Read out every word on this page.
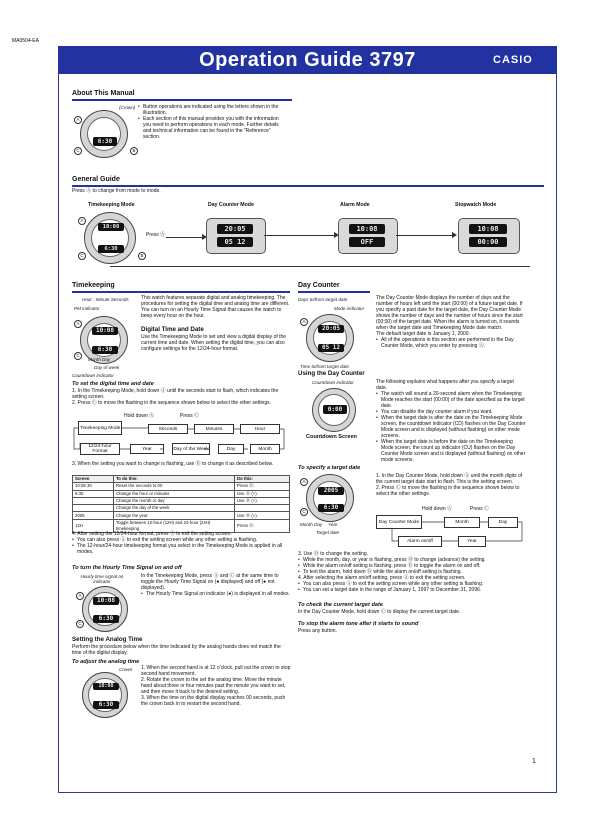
MA0504-EA
Operation Guide 3797	CASIO
About This Manual
(Crown)
6:30
A
C	B
• Button operations are indicated using the letters shown in the illustration.
• Each section of this manual provides you with the information you need to perform operations in each mode. Further details and technical information can be found in the "Reference" section.
General Guide
Press Ⓐ to change from mode to mode.
Timekeeping Mode	Day Counter Mode	Alarm Mode	Stopwatch Mode
10:08
6:30
A
C	B
Press Ⓐ
20:05
05 12
10:08
OFF
10:08
00:00
Timekeeping
Hour : Minute Seconds
PM indicator
10:08
6:30
A
C
Month Day
Day of week
Countdown indicator

This watch features separate digital and analog timekeeping. The procedures for setting the digital time and analog time are different.

You can turn on an Hourly Time Signal that causes the watch to beep every hour on the hour.

Digital Time and Date
Use the Timekeeping Mode to set and view a digital display of the current time and date. When setting the digital time, you can also configure settings for the 12/24-hour format.
To set the digital time and date

1. In the Timekeeping Mode, hold down Ⓐ until the seconds start to flash, which indicates the setting screen.

2. Press Ⓒ to move the flashing in the sequence shown below to select the other settings.

Hold down Ⓐ	Press Ⓒ
Timekeeping Mode	Seconds	Minutes	Hour
12/24-hour Format	Year	Day of the Week	Day	Month
3. When the setting you want to change is flashing, use Ⓑ to change it as described below.
Screen	To do this:	Do this:
10:08 30	Reset the seconds to 00	Press Ⓑ.
6:30	Change the hour or minutes	Use Ⓑ (+).
	Change the month or day	Use Ⓑ (+).
	Change the day of the week	
2005	Change the year	Use Ⓑ (+).
12H	Toggle between 12-hour (12H) and 24-hour (24H) timekeeping	Press Ⓑ.

4. After setting the 12/24-hour format, press Ⓐ to exit the setting screen.

• You can also press Ⓐ to exit the setting screen while any other setting is flashing.
• The 12-hour/24-hour timekeeping format you select in the Timekeeping Mode is applied in all modes.
To turn the Hourly Time Signal on and off
Hourly time signal on indicator
10:08
6:30
A
C

In the Timekeeping Mode, press Ⓐ and Ⓒ at the same time to toggle the Hourly Time Signal on (● displayed) and off (● not displayed).

• The Hourly Time Signal on indicator (●) is displayed in all modes.
Setting the Analog Time
Perform the procedure below when the time indicated by the analog hands does not match the time of the digital display.
To adjust the analog time
Crown
10:08
6:30

1. When the second hand is at 12 o'clock, pull out the crown to stop second hand movement.

2. Rotate the crown to the set the analog time. Move the minute hand about three or four minutes past the minute you want to set, and then move it back to the desired setting.

3. When the time on the digital display reaches 00 seconds, push the crown back in to restart the second hand.

Day Counter
Days to/from target date
Mode indicator
20:05
05 12
A
Time to/from target date

The Day Counter Mode displays the number of days and the number of hours left until the start (00:00) of a future target date. If you specify a past date for the target date, the Day Counter Mode shows the number of days and the number of hours since the start (00:00) of the target date. When the alarm is turned on, it sounds when the target date and Timekeeping Mode date match.

The default target date is January 1, 2000.

• All of the operations in this section are performed in the Day Counter Mode, which you enter by pressing Ⓐ.
Using the Day Counter
Countdown indicator
0:00
Countdown Screen

The following explains what happens after you specify a target date.

• The watch will sound a 20-second alarm when the Timekeeping Mode reaches the start (00:00) of the date specified as the target date.
• You can disable the day counter alarm if you want.
• When the target date is after the date on the Timekeeping Mode screen, the countdown indicator (CD) flashes on the Day Counter Mode screen and is displayed (without flashing) on other mode screens.
• When the target date is before the date on the Timekeeping Mode screen, the count up indicator (CU) flashes on the Day Counter Mode screen and is displayed (without flashing) on other mode screens.
To specify a target date
2005
6:30
A
C
Month Day Year
Target date

1. In the Day Counter Mode, hold down Ⓐ until the month digits of the current target date start to flash. This is the setting screen.

2. Press Ⓒ to move the flashing in the sequence shown below to select the other settings.

Hold down Ⓐ	Press Ⓒ
Day Counter Mode	Month	Day
Alarm on/off	Year

3. Use Ⓑ to change the setting.

• While the month, day, or year is flashing, press Ⓑ to change (advance) the setting.
• While the alarm on/off setting is flashing, press Ⓑ to toggle the alarm on and off.
• To test the alarm, hold down Ⓑ while the alarm on/off setting is flashing.

4. After selecting the alarm on/off setting, press Ⓐ to exit the setting screen.

• You can also press Ⓐ to exit the setting screen while any other setting is flashing.
• You can set a target date in the range of January 1, 1997 to December 31, 2096.
To check the current target date
In the Day Counter Mode, hold down Ⓒ to display the current target date.
To stop the alarm tone after it starts to sound
Press any button.
1
